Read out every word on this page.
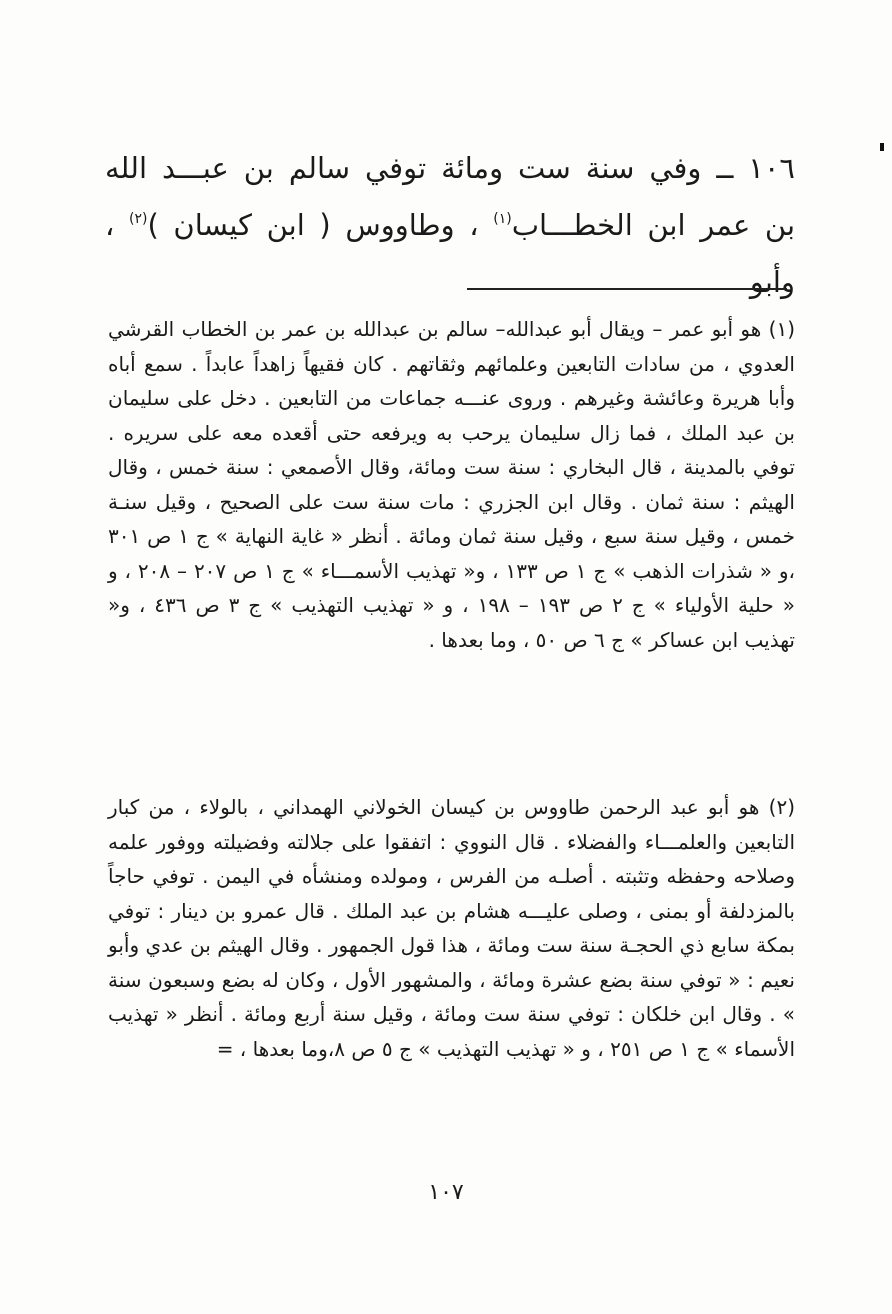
١٠٦ ــ وفي سنة ست ومائة توفي سالم بن عبـــد الله بن عمر ابن الخطـــاب$^{(١)}$ ، وطاووس ( ابن كيسان )$^{(٢)}$ ، وأبو
(١) هو أبو عمر – ويقال أبو عبدالله– سالم بن عبدالله بن عمر بن الخطاب القرشي العدوي ، من سادات التابعين وعلمائهم وثقاتهم . كان فقيهاً زاهداً عابداً . سمع أباه وأبا هريرة وعائشة وغيرهم . وروى عنـــه جماعات من التابعين . دخل على سليمان بن عبد الملك ، فما زال سليمان يرحب به ويرفعه حتى أقعده معه على سريره . توفي بالمدينة ، قال البخاري : سنة ست ومائة، وقال الأصمعي : سنة خمس ، وقال الهيثم : سنة ثمان . وقال ابن الجزري : مات سنة ست على الصحيح ، وقيل سنـة خمس ، وقيل سنة سبع ، وقيل سنة ثمان ومائة . أنظر « غاية النهاية » ج ١ ص ٣٠١ ،و « شذرات الذهب » ج ١ ص ١٣٣ ، و« تهذيب الأسمـــاء » ج ١ ص ٢٠٧ – ٢٠٨ ، و « حلية الأولياء » ج ٢ ص ١٩٣ – ١٩٨ ، و « تهذيب التهذيب » ج ٣ ص ٤٣٦ ، و« تهذيب ابن عساكر » ج ٦ ص ٥٠ ، وما بعدها .
(٢) هو أبو عبد الرحمن طاووس بن كيسان الخولاني الهمداني ، بالولاء ، من كبار التابعين والعلمـــاء والفضلاء . قال النووي : اتفقوا على جلالته وفضيلته ووفور علمه وصلاحه وحفظه وتثبته . أصلـه من الفرس ، ومولده ومنشأه في اليمن . توفي حاجاً بالمزدلفة أو بمنى ، وصلى عليـــه هشام بن عبد الملك . قال عمرو بن دينار : توفي بمكة سابع ذي الحجـة سنة ست ومائة ، هذا قول الجمهور . وقال الهيثم بن عدي وأبو نعيم : « توفي سنة بضع عشرة ومائة ، والمشهور الأول ، وكان له بضع وسبعون سنة » . وقال ابن خلكان : توفي سنة ست ومائة ، وقيل سنة أربع ومائة . أنظر « تهذيب الأسماء » ج ١ ص ٢٥١ ، و « تهذيب التهذيب » ج ٥ ص ٨،وما بعدها ، =
١٠٧
